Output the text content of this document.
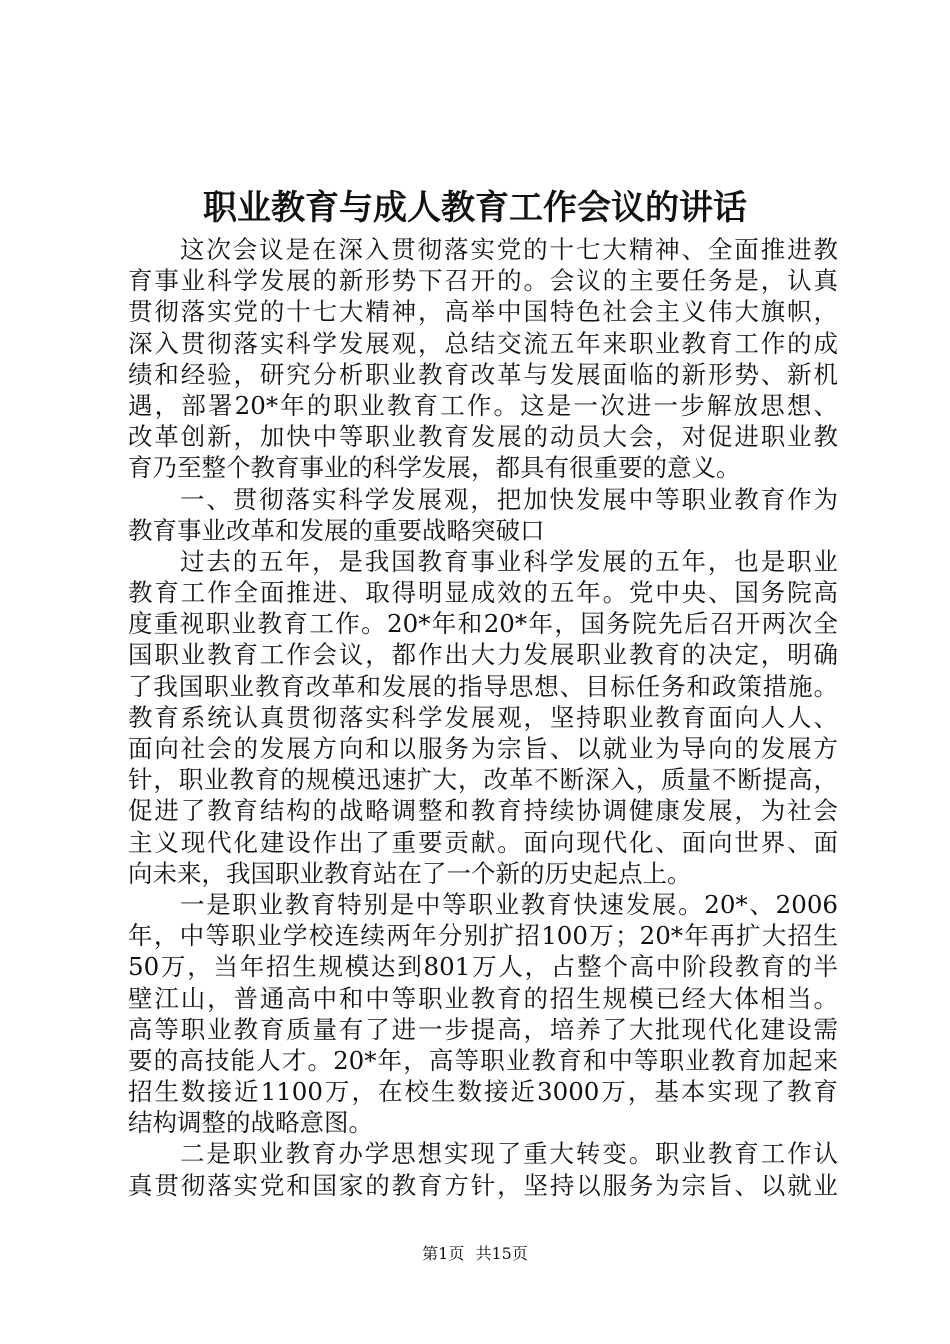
职业教育与成人教育工作会议的讲话
这次会议是在深入贯彻落实党的十七大精神、全面推进教
育事业科学发展的新形势下召开的。会议的主要任务是，认真
贯彻落实党的十七大精神，高举中国特色社会主义伟大旗帜，
深入贯彻落实科学发展观，总结交流五年来职业教育工作的成
绩和经验，研究分析职业教育改革与发展面临的新形势、新机
遇，部署20*年的职业教育工作。这是一次进一步解放思想、
改革创新，加快中等职业教育发展的动员大会，对促进职业教
育乃至整个教育事业的科学发展，都具有很重要的意义。
一、贯彻落实科学发展观，把加快发展中等职业教育作为
教育事业改革和发展的重要战略突破口
过去的五年，是我国教育事业科学发展的五年，也是职业
教育工作全面推进、取得明显成效的五年。党中央、国务院高
度重视职业教育工作。20*年和20*年，国务院先后召开两次全
国职业教育工作会议，都作出大力发展职业教育的决定，明确
了我国职业教育改革和发展的指导思想、目标任务和政策措施。
教育系统认真贯彻落实科学发展观，坚持职业教育面向人人、
面向社会的发展方向和以服务为宗旨、以就业为导向的发展方
针，职业教育的规模迅速扩大，改革不断深入，质量不断提高，
促进了教育结构的战略调整和教育持续协调健康发展，为社会
主义现代化建设作出了重要贡献。面向现代化、面向世界、面
向未来，我国职业教育站在了一个新的历史起点上。
一是职业教育特别是中等职业教育快速发展。20*、2006
年，中等职业学校连续两年分别扩招100万；20*年再扩大招生
50万，当年招生规模达到801万人，占整个高中阶段教育的半
壁江山，普通高中和中等职业教育的招生规模已经大体相当。
高等职业教育质量有了进一步提高，培养了大批现代化建设需
要的高技能人才。20*年，高等职业教育和中等职业教育加起来
招生数接近1100万，在校生数接近3000万，基本实现了教育
结构调整的战略意图。
二是职业教育办学思想实现了重大转变。职业教育工作认
真贯彻落实党和国家的教育方针，坚持以服务为宗旨、以就业
第1页 共15页
